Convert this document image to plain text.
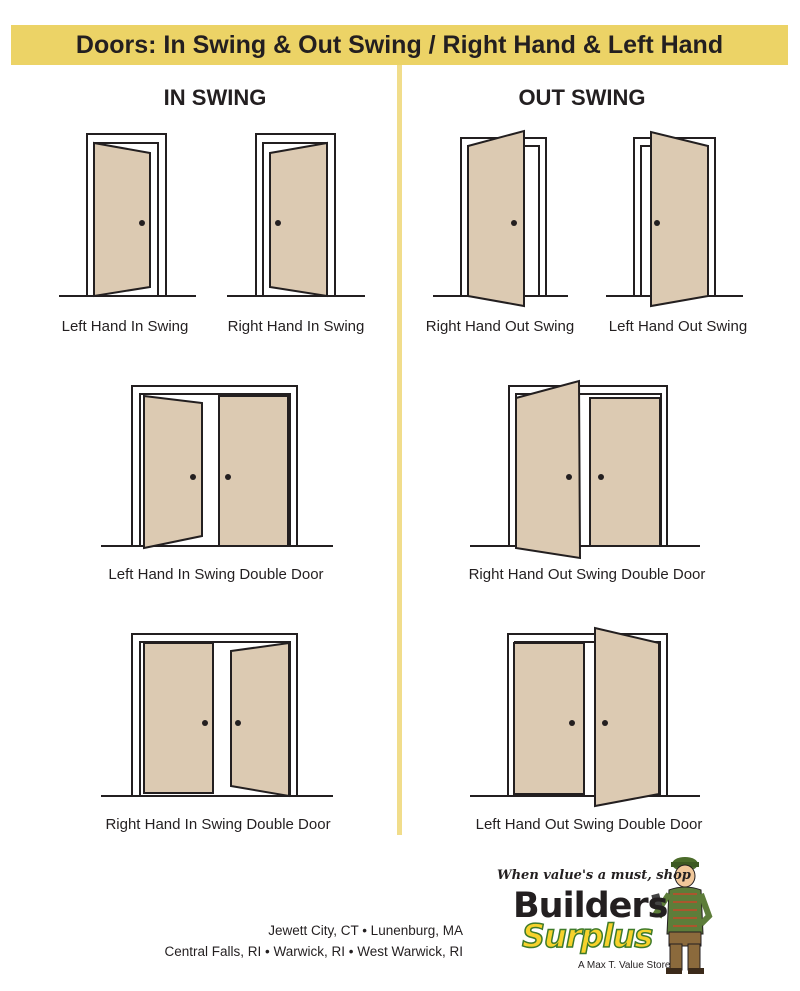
Doors: In Swing & Out Swing / Right Hand & Left Hand
IN SWING	OUT SWING
Left Hand In Swing	Right Hand In Swing	Right Hand Out Swing Left Hand Out Swing
Left Hand In Swing Double Door	Right Hand Out Swing Double Door
Right Hand In Swing Double Door	Left Hand Out Swing Double Door
Jewett City, CT • Lunenburg, MA
Central Falls, RI • Warwick, RI • West Warwick, RI
When value's a must, shop
Builders
Surplus
A Max T. Value Store
